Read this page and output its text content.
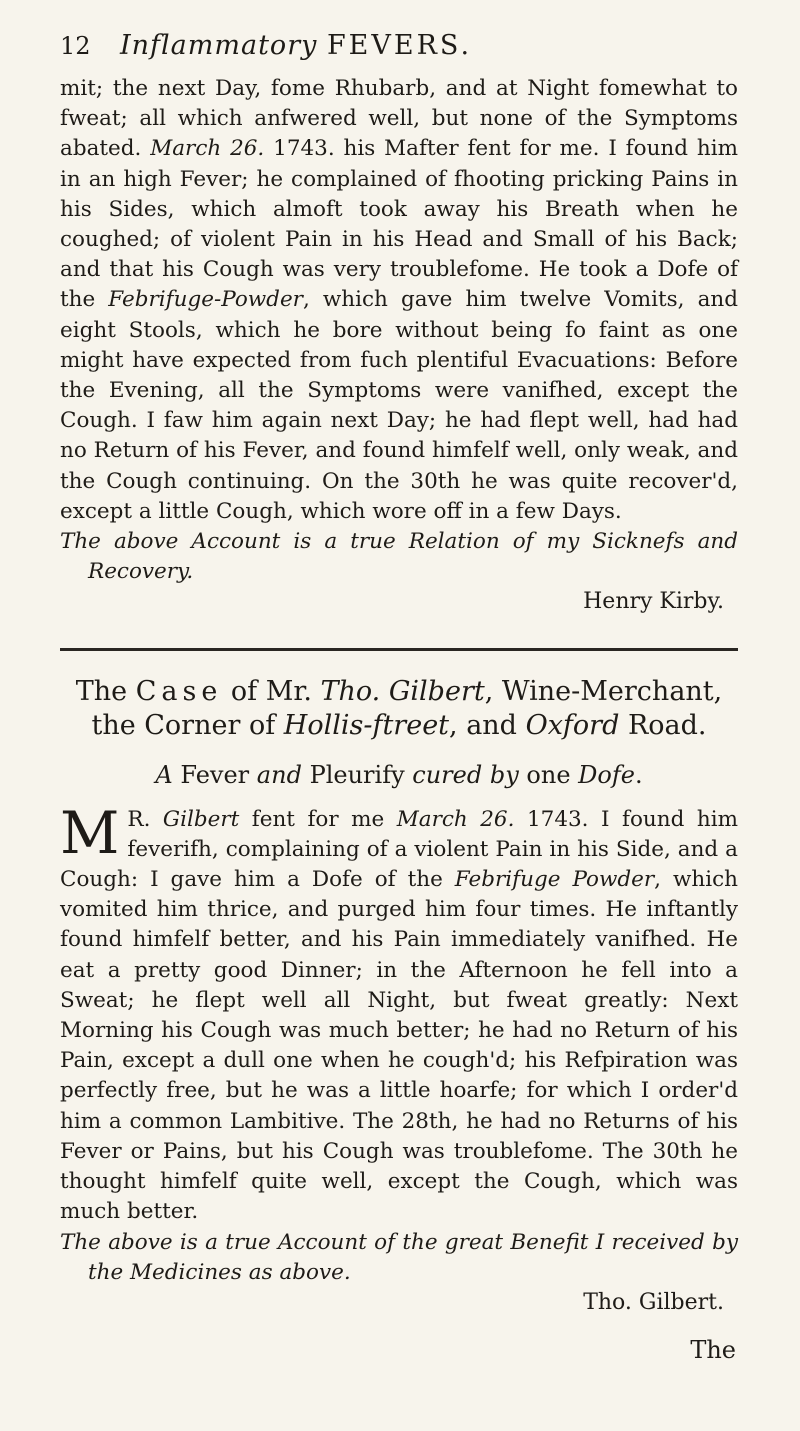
12	Inflammatory FEVERS.

mit; the next Day, fome Rhubarb, and at Night fomewhat to fweat; all which anfwered well, but none of the Symptoms abated. March 26. 1743. his Mafter fent for me. I found him in an high Fever; he complained of fhooting pricking Pains in his Sides, which almoft took away his Breath when he coughed; of violent Pain in his Head and Small of his Back; and that his Cough was very troublefome. He took a Dofe of the Febrifuge-Powder, which gave him twelve Vomits, and eight Stools, which he bore without being fo faint as one might have expected from fuch plentiful Evacuations: Before the Evening, all the Symptoms were vanifhed, except the Cough. I faw him again next Day; he had flept well, had had no Return of his Fever, and found himfelf well, only weak, and the Cough continuing. On the 30th he was quite recover'd, except a little Cough, which wore off in a few Days.

The above Account is a true Relation of my Sicknefs and Recovery.

Henry Kirby.

The Case of Mr. Tho. Gilbert, Wine-Merchant,
the Corner of Hollis-ftreet, and Oxford Road.

A Fever and Pleurify cured by one Dofe.

M R. Gilbert fent for me March 26. 1743. I found him feverifh, complaining of a violent Pain in his Side, and a Cough: I gave him a Dofe of the Febrifuge Powder, which vomited him thrice, and purged him four times. He inftantly found himfelf better, and his Pain immediately vanifhed. He eat a pretty good Dinner; in the Afternoon he fell into a Sweat; he flept well all Night, but fweat greatly: Next Morning his Cough was much better; he had no Return of his Pain, except a dull one when he cough'd; his Refpiration was perfectly free, but he was a little hoarfe; for which I order'd him a common Lambitive. The 28th, he had no Returns of his Fever or Pains, but his Cough was troublefome. The 30th he thought himfelf quite well, except the Cough, which was much better.

The above is a true Account of the great Benefit I received by the Medicines as above.

Tho. Gilbert.

The
